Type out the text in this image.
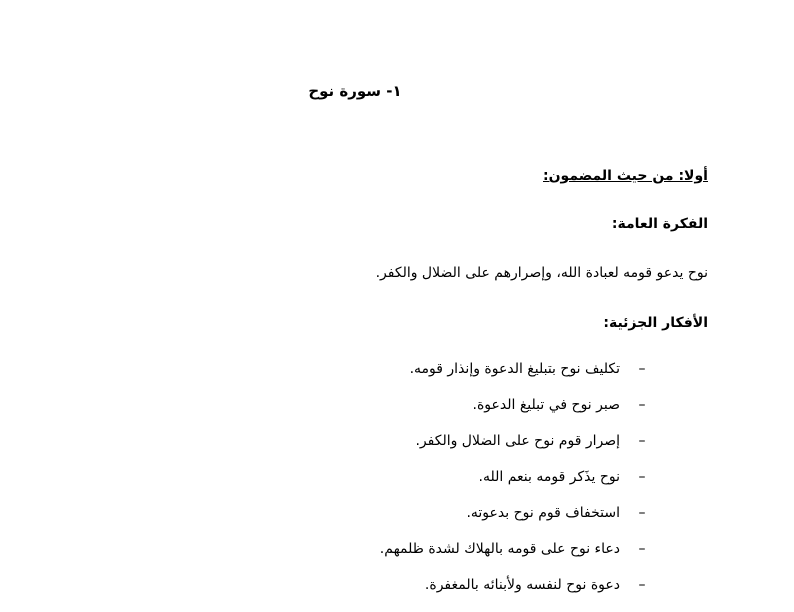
١- سورة نوح
أولا: من حيث المضمون:
الفكرة العامة:
نوح يدعو قومه لعبادة الله، وإصرارهم على الضلال والكفر.
الأفكار الجزئية:
–
تكليف نوح بتبليغ الدعوة وإنذار قومه.
–
صبر نوح في تبليغ الدعوة.
–
إصرار قوم نوح على الضلال والكفر.
–
نوح يذَكر قومه بنعم الله.
–
استخفاف قوم نوح بدعوته.
–
دعاء نوح على قومه بالهلاك لشدة ظلمهم.
–
دعوة نوح لنفسه ولأبنائه بالمغفرة.
